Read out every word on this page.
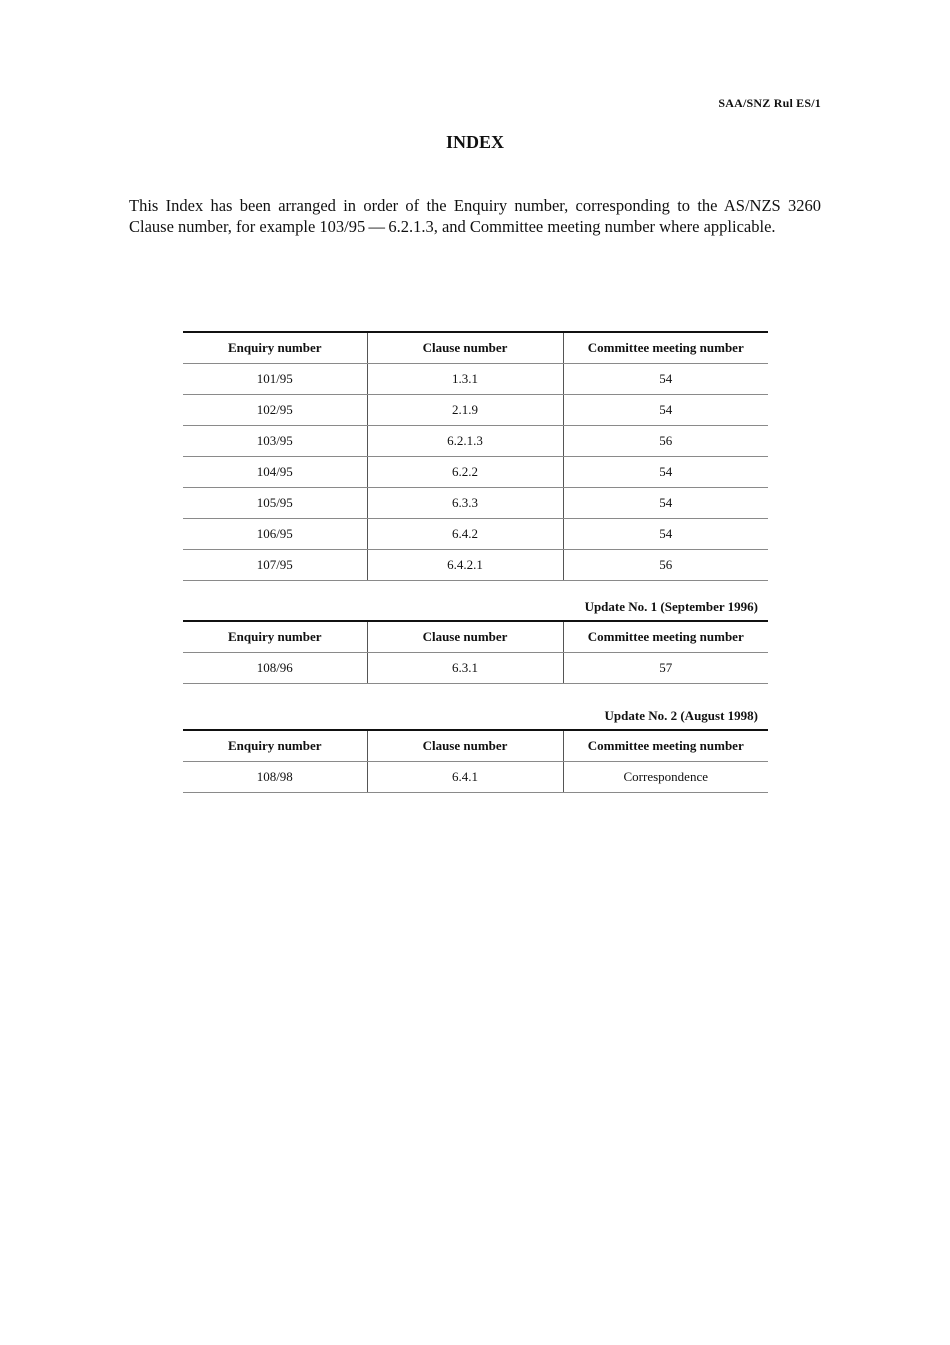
SAA/SNZ Rul ES/1
INDEX

This Index has been arranged in order of the Enquiry number, corresponding to the AS/NZS 3260 Clause number, for example 103/95 — 6.2.1.3, and Committee meeting number where applicable.

Enquiry number	Clause number	Committee meeting number
101/95	1.3.1	54
102/95	2.1.9	54
103/95	6.2.1.3	56
104/95	6.2.2	54
105/95	6.3.3	54
106/95	6.4.2	54
107/95	6.4.2.1	56
Update No. 1 (September 1996)
Enquiry number	Clause number	Committee meeting number
108/96	6.3.1	57
Update No. 2 (August 1998)
Enquiry number	Clause number	Committee meeting number
108/98	6.4.1	Correspondence
